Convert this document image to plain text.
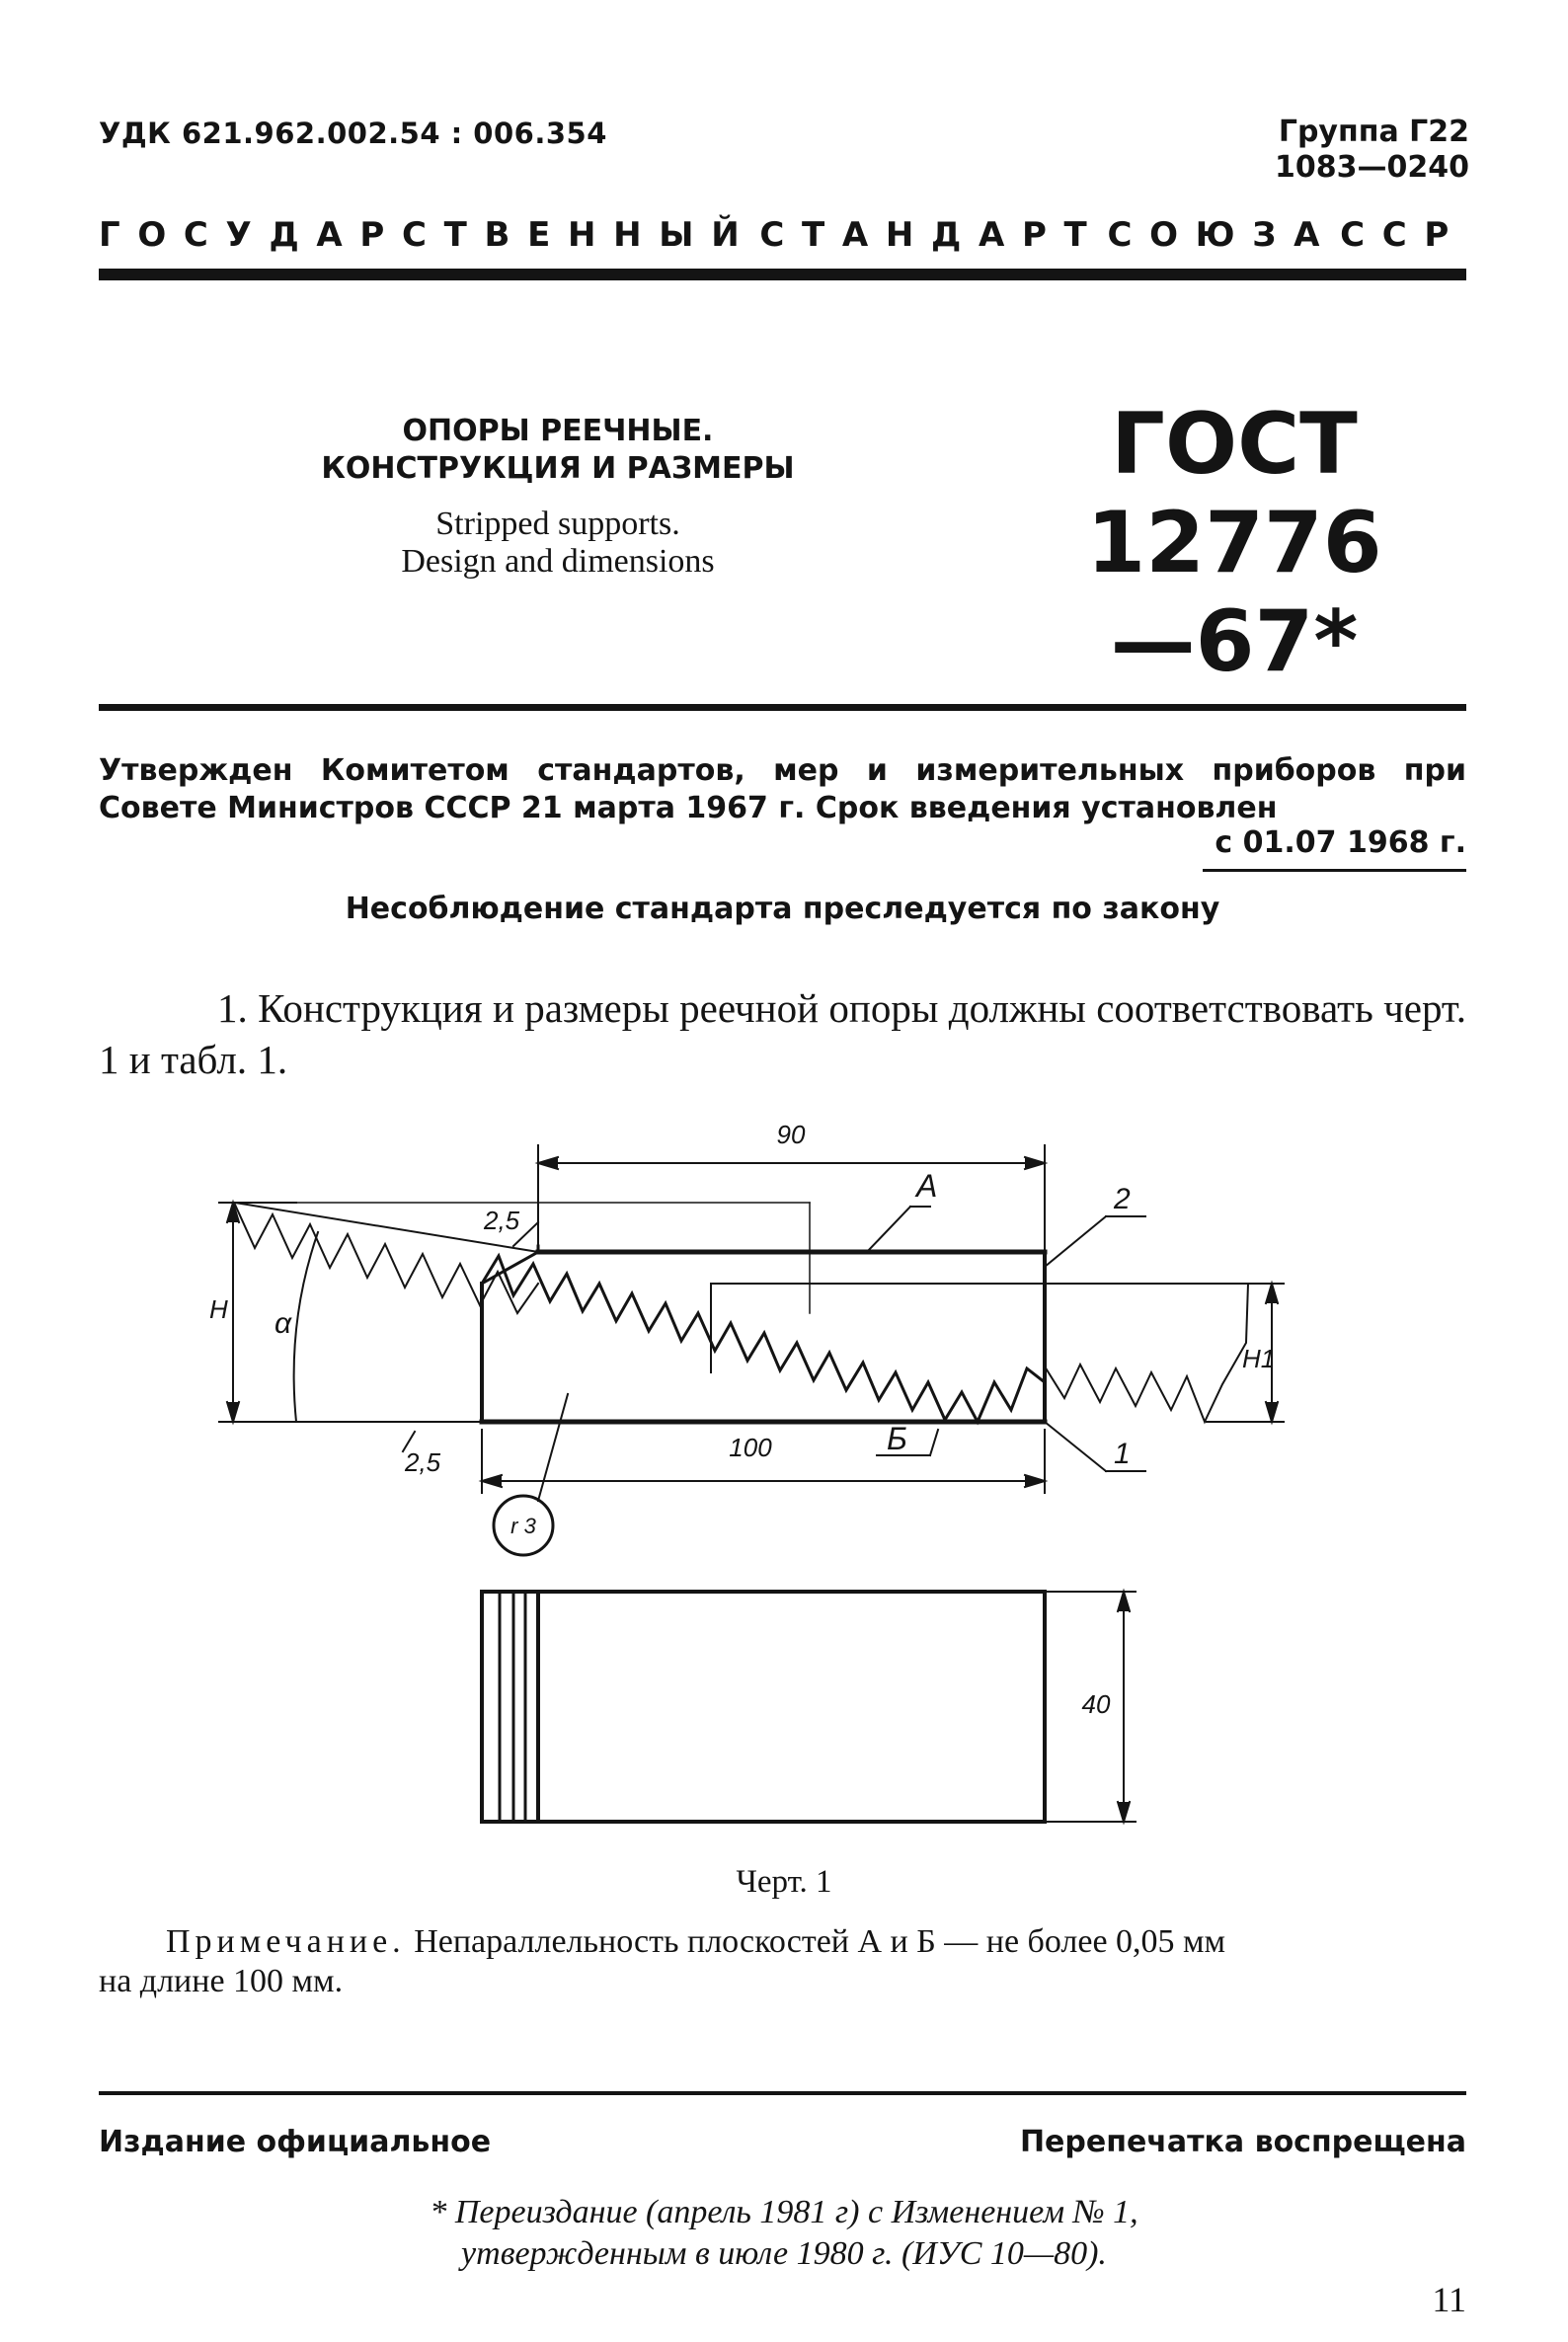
УДК 621.962.002.54 : 006.354	Группа Г22
1083—0240
ГОСУДАРСТВЕННЫЙ СТАНДАРТ СОЮЗА ССР
ОПОРЫ РЕЕЧНЫЕ.
КОНСТРУКЦИЯ И РАЗМЕРЫ
Stripped supports.
Design and dimensions
ГОСТ
12776—67*
Утвержден Комитетом стандартов, мер и измерительных приборов при Совете Министров СССР 21 марта 1967 г. Срок введения установлен
с 01.07 1968 г.
Несоблюдение стандарта преследуется по закону
1. Конструкция и размеры реечной опоры должны соответствовать черт. 1 и табл. 1.
90
100
2,5
2,5
А
Б
2
1
Н
Н1
α
r 3
40
Черт. 1
Примечание. Непараллельность плоскостей А и Б — не более 0,05 мм
на длине 100 мм.
Издание официальное	Перепечатка воспрещена
* Переиздание (апрель 1981 г) с Изменением № 1,
утвержденным в июле 1980 г. (ИУС 10—80).
11
